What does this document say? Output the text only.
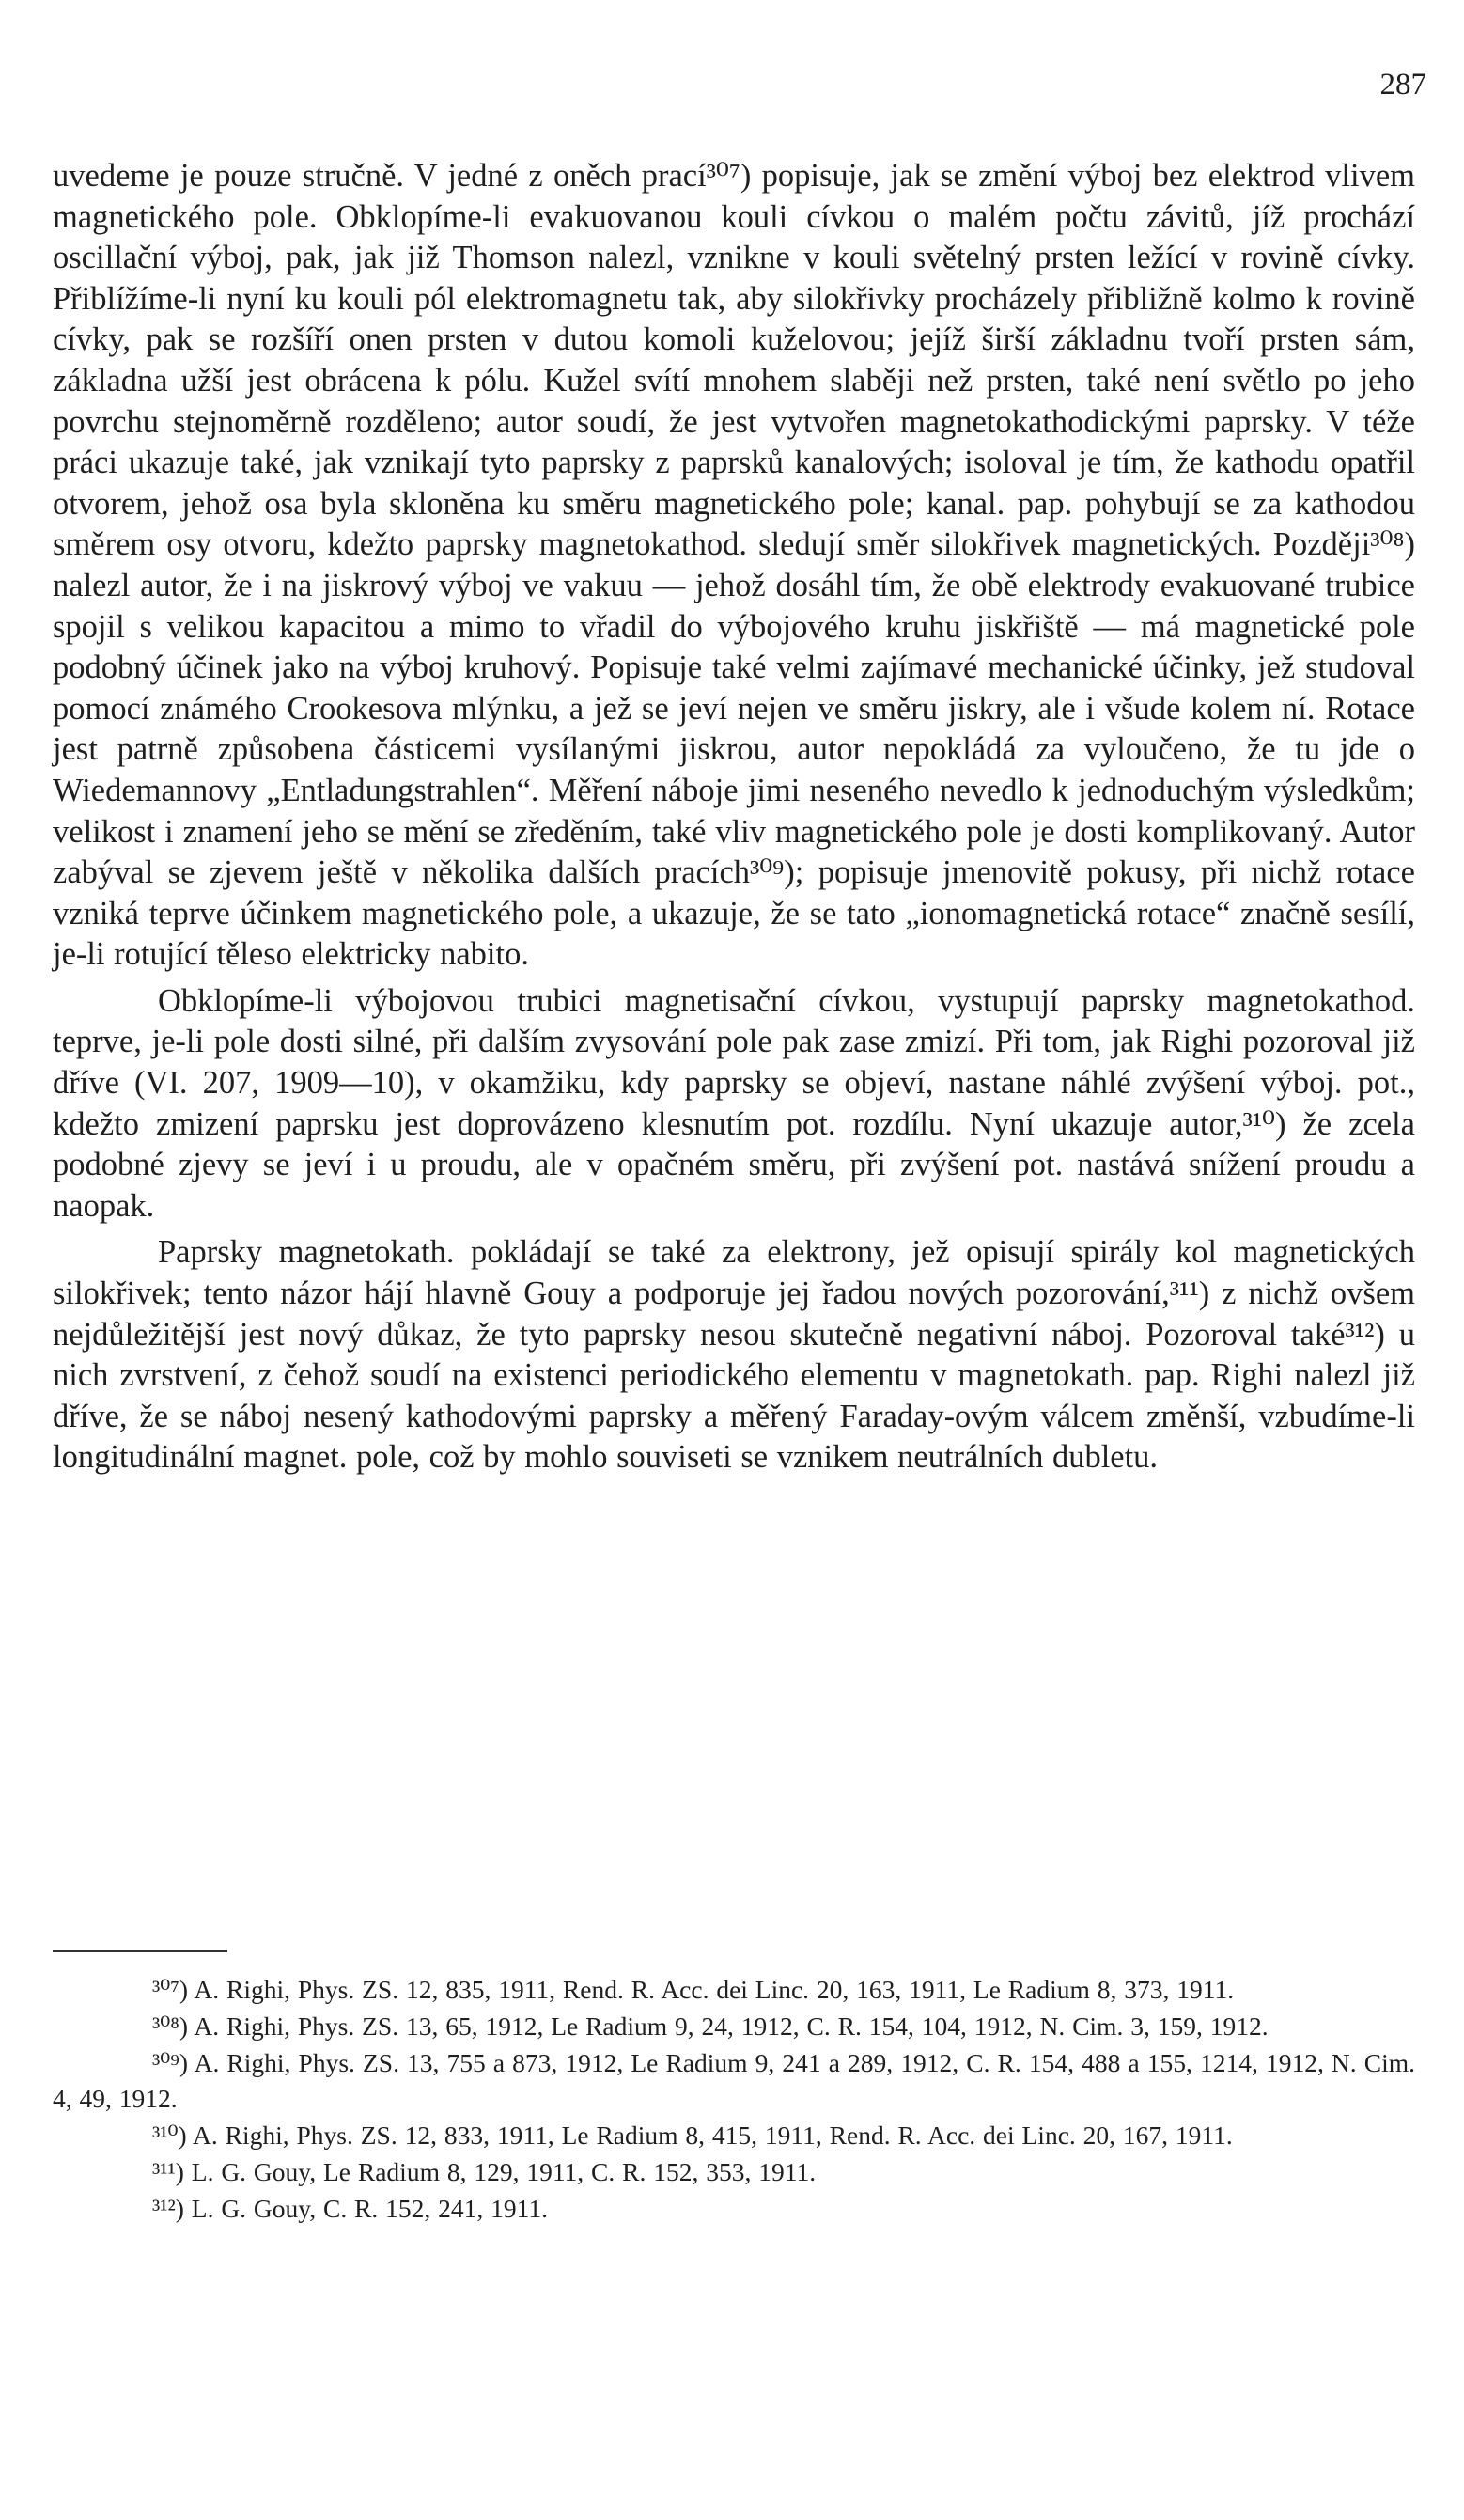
287

uvedeme je pouze stručně. V jedné z oněch prací³⁰⁷) popisuje, jak se změní výboj bez elektrod vlivem magnetického pole. Obklopíme-li evakuovanou kouli cívkou o malém počtu závitů, jíž prochází oscillační výboj, pak, jak již Thomson nalezl, vznikne v kouli světelný prsten ležící v rovině cívky. Přiblížíme-li nyní ku kouli pól elektromagnetu tak, aby silokřivky procházely přibližně kolmo k rovině cívky, pak se rozšíří onen prsten v dutou komoli kuželovou; jejíž širší základnu tvoří prsten sám, základna užší jest obrácena k pólu. Kužel svítí mnohem slaběji než prsten, také není světlo po jeho povrchu stejnoměrně rozděleno; autor soudí, že jest vytvořen magnetokathodickými paprsky. V téže práci ukazuje také, jak vznikají tyto paprsky z paprsků kanalových; isoloval je tím, že kathodu opatřil otvorem, jehož osa byla skloněna ku směru magnetického pole; kanal. pap. pohybují se za kathodou směrem osy otvoru, kdežto paprsky magnetokathod. sledují směr silokřivek magnetických. Později³⁰⁸) nalezl autor, že i na jiskrový výboj ve vakuu — jehož dosáhl tím, že obě elektrody evakuované trubice spojil s velikou kapacitou a mimo to vřadil do výbojového kruhu jiskřiště — má magnetické pole podobný účinek jako na výboj kruhový. Popisuje také velmi zajímavé mechanické účinky, jež studoval pomocí známého Crookesova mlýnku, a jež se jeví nejen ve směru jiskry, ale i všude kolem ní. Rotace jest patrně způsobena částicemi vysílanými jiskrou, autor nepokládá za vyloučeno, že tu jde o Wiedemannovy „Entladungstrahlen“. Měření náboje jimi neseného nevedlo k jednoduchým výsledkům; velikost i znamení jeho se mění se zředěním, také vliv magnetického pole je dosti komplikovaný. Autor zabýval se zjevem ještě v několika dalších pracích³⁰⁹); popisuje jmenovitě pokusy, při nichž rotace vzniká teprve účinkem magnetického pole, a ukazuje, že se tato „ionomagnetická rotace“ značně sesílí, je-li rotující těleso elektricky nabito.

Obklopíme-li výbojovou trubici magnetisační cívkou, vystupují paprsky magnetokathod. teprve, je-li pole dosti silné, při dalším zvysování pole pak zase zmizí. Při tom, jak Righi pozoroval již dříve (VI. 207, 1909—10), v okamžiku, kdy paprsky se objeví, nastane náhlé zvýšení výboj. pot., kdežto zmizení paprsku jest doprovázeno klesnutím pot. rozdílu. Nyní ukazuje autor,³¹⁰) že zcela podobné zjevy se jeví i u proudu, ale v opačném směru, při zvýšení pot. nastává snížení proudu a naopak.

Paprsky magnetokath. pokládají se také za elektrony, jež opisují spirály kol magnetických silokřivek; tento názor hájí hlavně Gouy a podporuje jej řadou nových pozorování,³¹¹) z nichž ovšem nejdůležitější jest nový důkaz, že tyto paprsky nesou skutečně negativní náboj. Pozoroval také³¹²) u nich zvrstvení, z čehož soudí na existenci periodického elementu v magnetokath. pap. Righi nalezl již dříve, že se náboj nesený kathodovými paprsky a měřený Faraday-ovým válcem změnší, vzbudíme-li longitudinální magnet. pole, což by mohlo souviseti se vznikem neutrálních dubletu.

³⁰⁷) A. Righi, Phys. ZS. 12, 835, 1911, Rend. R. Acc. dei Linc. 20, 163, 1911, Le Radium 8, 373, 1911.

³⁰⁸) A. Righi, Phys. ZS. 13, 65, 1912, Le Radium 9, 24, 1912, C. R. 154, 104, 1912, N. Cim. 3, 159, 1912.

³⁰⁹) A. Righi, Phys. ZS. 13, 755 a 873, 1912, Le Radium 9, 241 a 289, 1912, C. R. 154, 488 a 155, 1214, 1912, N. Cim. 4, 49, 1912.

³¹⁰) A. Righi, Phys. ZS. 12, 833, 1911, Le Radium 8, 415, 1911, Rend. R. Acc. dei Linc. 20, 167, 1911.

³¹¹) L. G. Gouy, Le Radium 8, 129, 1911, C. R. 152, 353, 1911.

³¹²) L. G. Gouy, C. R. 152, 241, 1911.
